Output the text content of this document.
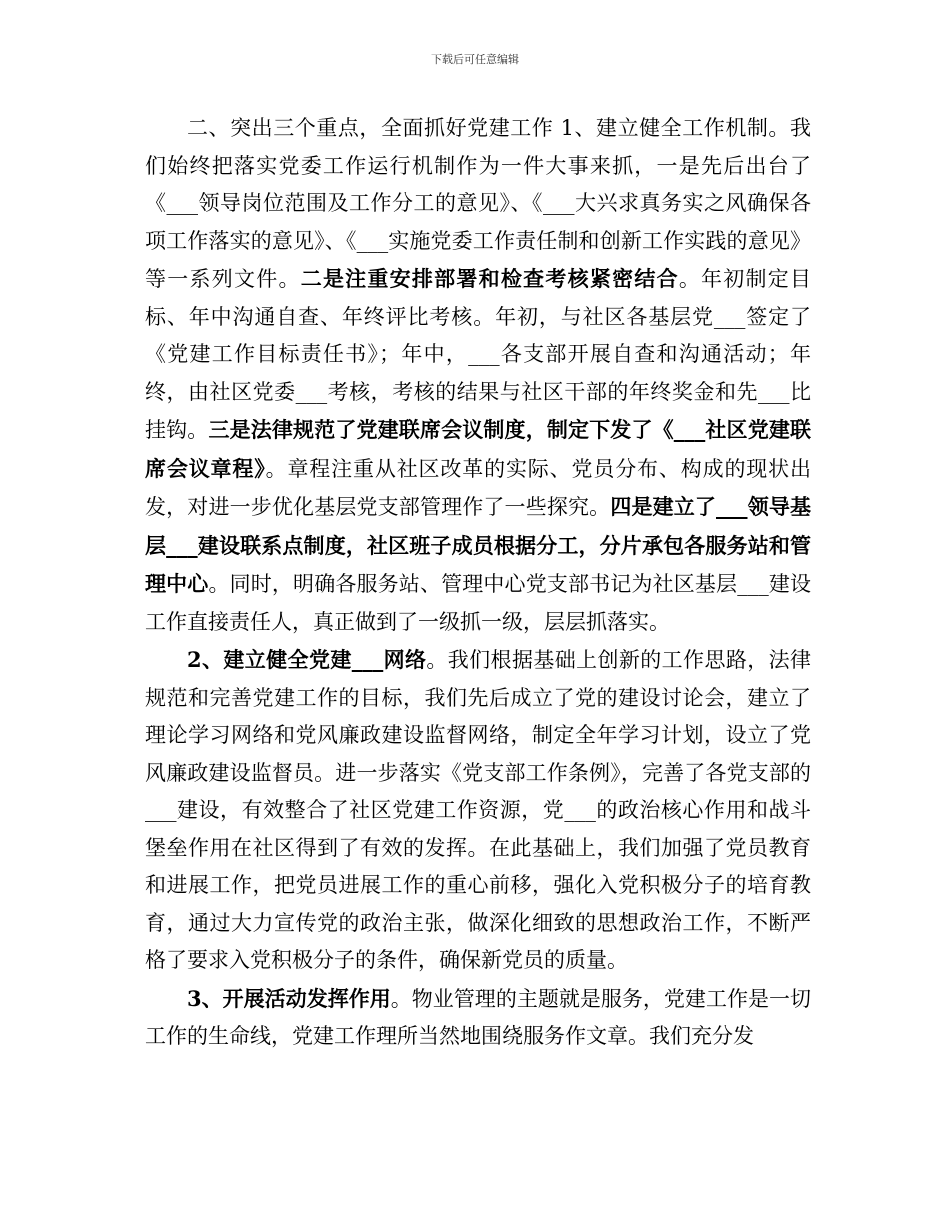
下载后可任意编辑

二、突出三个重点，全面抓好党建工作 1、建立健全工作机制。我们始终把落实党委工作运行机制作为一件大事来抓，一是先后出台了《___领导岗位范围及工作分工的意见》、《___大兴求真务实之风确保各项工作落实的意见》、《___实施党委工作责任制和创新工作实践的意见》等一系列文件。二是注重安排部署和检查考核紧密结合。年初制定目标、年中沟通自查、年终评比考核。年初，与社区各基层党___签定了《党建工作目标责任书》；年中，___各支部开展自查和沟通活动；年终，由社区党委___考核，考核的结果与社区干部的年终奖金和先___比挂钩。三是法律规范了党建联席会议制度，制定下发了《___社区党建联席会议章程》。章程注重从社区改革的实际、党员分布、构成的现状出发，对进一步优化基层党支部管理作了一些探究。四是建立了___领导基层___建设联系点制度，社区班子成员根据分工，分片承包各服务站和管理中心。同时，明确各服务站、管理中心党支部书记为社区基层___建设工作直接责任人，真正做到了一级抓一级，层层抓落实。

2、建立健全党建___网络。我们根据基础上创新的工作思路，法律规范和完善党建工作的目标，我们先后成立了党的建设讨论会，建立了理论学习网络和党风廉政建设监督网络，制定全年学习计划，设立了党风廉政建设监督员。进一步落实《党支部工作条例》，完善了各党支部的___建设，有效整合了社区党建工作资源，党___的政治核心作用和战斗堡垒作用在社区得到了有效的发挥。在此基础上，我们加强了党员教育和进展工作，把党员进展工作的重心前移，强化入党积极分子的培育教育，通过大力宣传党的政治主张，做深化细致的思想政治工作，不断严格了要求入党积极分子的条件，确保新党员的质量。

3、开展活动发挥作用。物业管理的主题就是服务，党建工作是一切工作的生命线，党建工作理所当然地围绕服务作文章。我们充分发
